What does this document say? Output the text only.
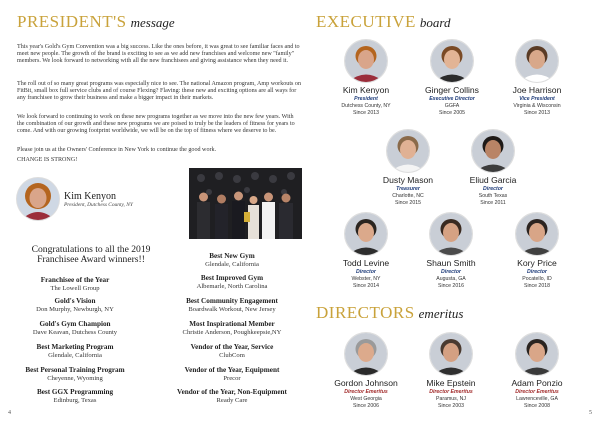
PRESIDENT'S message

This year's Gold's Gym Convention was a big success. Like the ones before, it was great to see familiar faces and to meet new people. The growth of the brand is exciting to see as we add new franchises and welcome new "family" members. We look forward to networking with all the new franchisees and giving assistance when they need it.

The roll out of so many great programs was especially nice to see. The national Amazon program, Amp workouts on FitBit, small box full service clubs and of course Flexing? Flaving: these new and exciting options are all ways for any franchisee to grow their business and make a bigger impact in their markets.

We look forward to continuing to work on these new programs together as we move into the new few years. With the combination of our growth and these new programs we are poised to truly be the leaders of fitness for years to come. And with our growing footprint worldwide, we will be on the top of fitness where we deserve to be.

Please join us at the Owners' Conference in New York to continue the good work.

CHANGE IS STRONG!

Kim Kenyon
President, Dutchess County, NY
Congratulations to all the 2019
Franchisee Award winners!!
Franchisee of the Year
The Lowell Group
Gold's Vision
Don Murphy, Newburgh, NY
Gold's Gym Champion
Dave Keavan, Dutchess County
Best Marketing Program
Glendale, California
Best Personal Training Program
Cheyenne, Wyoming
Best GGX Programming
Edinburg, Texas
Best New Gym
Glendale, California
Best Improved Gym
Albemarle, North Carolina
Best Community Engagement
Boardwalk Workout, New Jersey
Most Inspirational Member
Christie Anderson, Poughkeepsie,NY
Vendor of the Year, Service
ClubCom
Vendor of the Year, Equipment
Precor
Vendor of the Year, Non-Equipment
Ready Care
4
EXECUTIVE board
Kim Kenyon
President
Dutchess County, NY
Since 2013
Ginger Collins
Executive Director
GGFA
Since 2005
Joe Harrison
Vice President
Virginia & Wisconsin
Since 2013
Dusty Mason
Treasurer
Charlotte, NC
Since 2015
Eliud Garcia
Director
South Texas
Since 2011
Todd Levine
Director
Webster, NY
Since 2014
Shaun Smith
Director
Augusta, GA
Since 2016
Kory Price
Director
Pocatello, ID
Since 2018
DIRECTORS emeritus
Gordon Johnson
Director Emeritus
West Georgia
Since 2006
Mike Epstein
Director Emeritus
Paramus, NJ
Since 2003
Adam Ponzio
Director Emeritus
Lawrenceville, GA
Since 2008
5
